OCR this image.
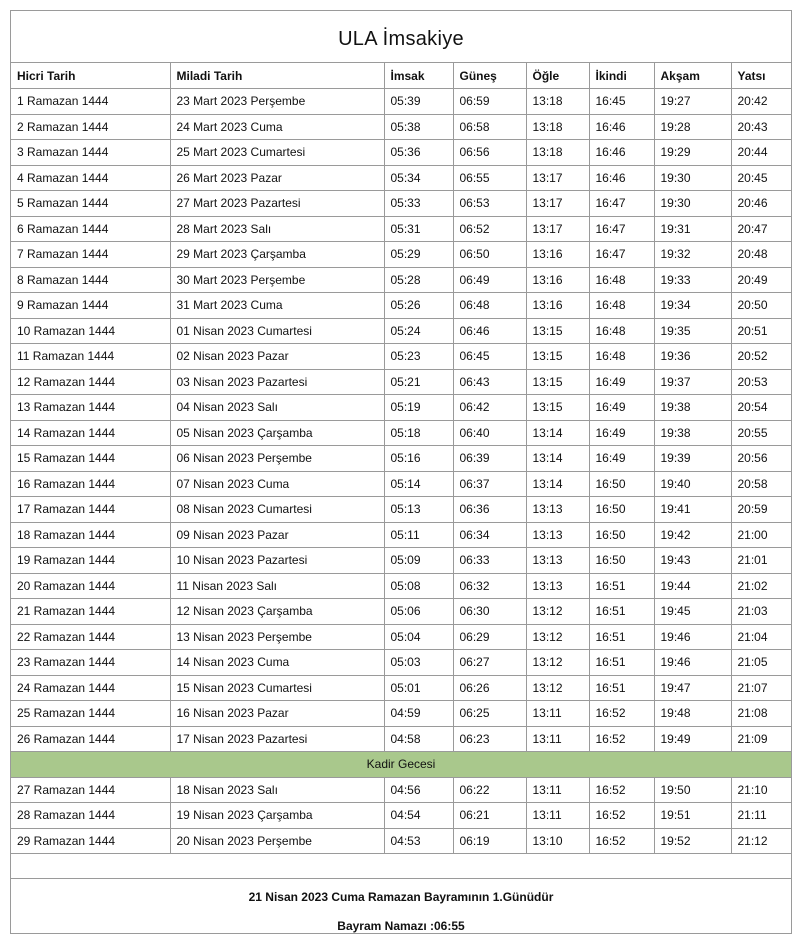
ULA İmsakiye
Hicri Tarih	Miladi Tarih	İmsak	Güneş	Öğle	İkindi	Akşam	Yatsı
1 Ramazan 1444	23 Mart 2023 Perşembe	05:39	06:59	13:18	16:45	19:27	20:42
2 Ramazan 1444	24 Mart 2023 Cuma	05:38	06:58	13:18	16:46	19:28	20:43
3 Ramazan 1444	25 Mart 2023 Cumartesi	05:36	06:56	13:18	16:46	19:29	20:44
4 Ramazan 1444	26 Mart 2023 Pazar	05:34	06:55	13:17	16:46	19:30	20:45
5 Ramazan 1444	27 Mart 2023 Pazartesi	05:33	06:53	13:17	16:47	19:30	20:46
6 Ramazan 1444	28 Mart 2023 Salı	05:31	06:52	13:17	16:47	19:31	20:47
7 Ramazan 1444	29 Mart 2023 Çarşamba	05:29	06:50	13:16	16:47	19:32	20:48
8 Ramazan 1444	30 Mart 2023 Perşembe	05:28	06:49	13:16	16:48	19:33	20:49
9 Ramazan 1444	31 Mart 2023 Cuma	05:26	06:48	13:16	16:48	19:34	20:50
10 Ramazan 1444	01 Nisan 2023 Cumartesi	05:24	06:46	13:15	16:48	19:35	20:51
11 Ramazan 1444	02 Nisan 2023 Pazar	05:23	06:45	13:15	16:48	19:36	20:52
12 Ramazan 1444	03 Nisan 2023 Pazartesi	05:21	06:43	13:15	16:49	19:37	20:53
13 Ramazan 1444	04 Nisan 2023 Salı	05:19	06:42	13:15	16:49	19:38	20:54
14 Ramazan 1444	05 Nisan 2023 Çarşamba	05:18	06:40	13:14	16:49	19:38	20:55
15 Ramazan 1444	06 Nisan 2023 Perşembe	05:16	06:39	13:14	16:49	19:39	20:56
16 Ramazan 1444	07 Nisan 2023 Cuma	05:14	06:37	13:14	16:50	19:40	20:58
17 Ramazan 1444	08 Nisan 2023 Cumartesi	05:13	06:36	13:13	16:50	19:41	20:59
18 Ramazan 1444	09 Nisan 2023 Pazar	05:11	06:34	13:13	16:50	19:42	21:00
19 Ramazan 1444	10 Nisan 2023 Pazartesi	05:09	06:33	13:13	16:50	19:43	21:01
20 Ramazan 1444	11 Nisan 2023 Salı	05:08	06:32	13:13	16:51	19:44	21:02
21 Ramazan 1444	12 Nisan 2023 Çarşamba	05:06	06:30	13:12	16:51	19:45	21:03
22 Ramazan 1444	13 Nisan 2023 Perşembe	05:04	06:29	13:12	16:51	19:46	21:04
23 Ramazan 1444	14 Nisan 2023 Cuma	05:03	06:27	13:12	16:51	19:46	21:05
24 Ramazan 1444	15 Nisan 2023 Cumartesi	05:01	06:26	13:12	16:51	19:47	21:07
25 Ramazan 1444	16 Nisan 2023 Pazar	04:59	06:25	13:11	16:52	19:48	21:08
26 Ramazan 1444	17 Nisan 2023 Pazartesi	04:58	06:23	13:11	16:52	19:49	21:09
Kadir Gecesi							
27 Ramazan 1444	18 Nisan 2023 Salı	04:56	06:22	13:11	16:52	19:50	21:10
28 Ramazan 1444	19 Nisan 2023 Çarşamba	04:54	06:21	13:11	16:52	19:51	21:11
29 Ramazan 1444	20 Nisan 2023 Perşembe	04:53	06:19	13:10	16:52	19:52	21:12
21 Nisan 2023 Cuma Ramazan Bayramının 1.Günüdür
Bayram Namazı :06:55
